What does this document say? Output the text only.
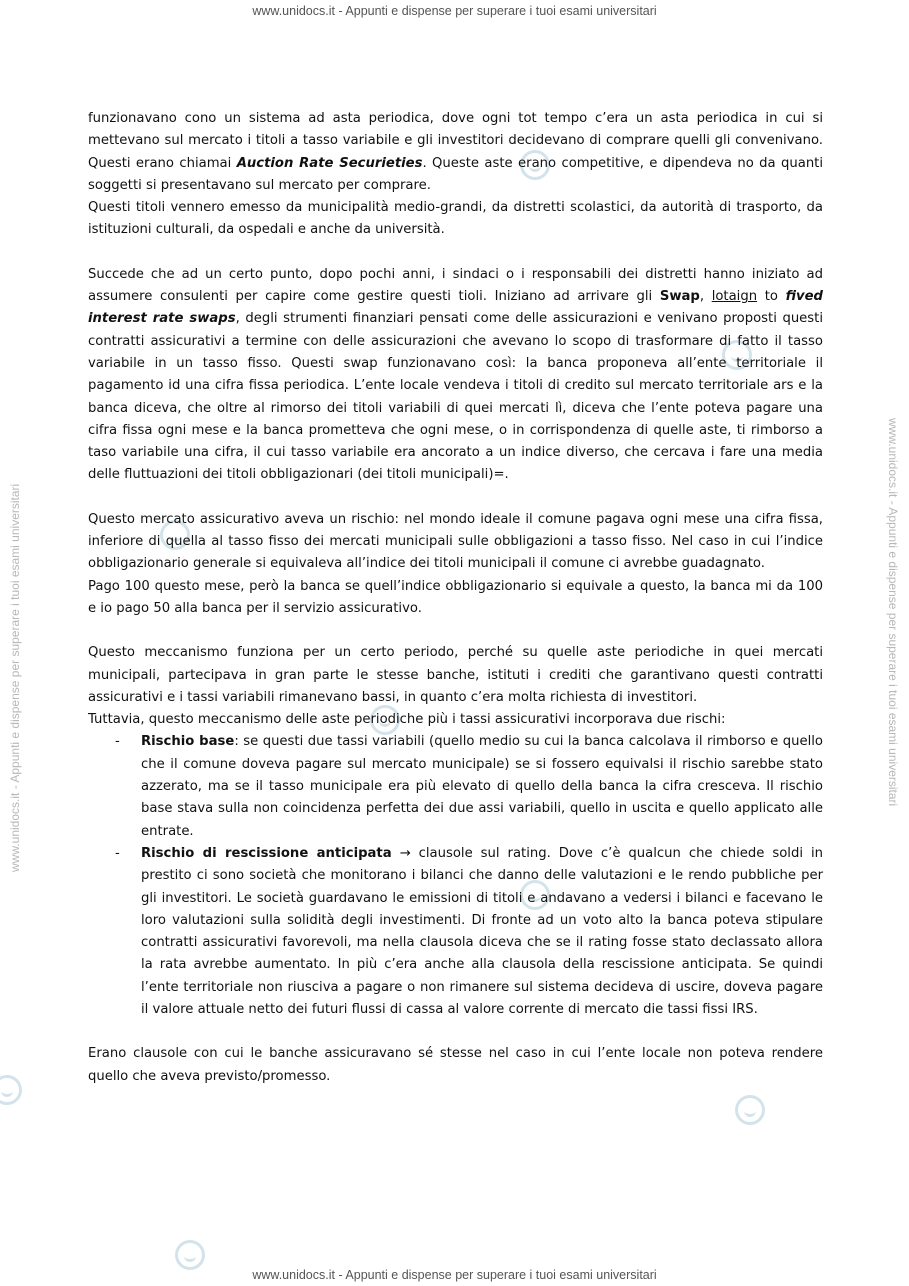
www.unidocs.it - Appunti e dispense per superare i tuoi esami universitari
www.unidocs.it - Appunti e dispense per superare i tuoi esami universitari	www.unidocs.it - Appunti e dispense per superare i tuoi esami universitari

funzionavano cono un sistema ad asta periodica, dove ogni tot tempo c’era un asta periodica in cui si mettevano sul mercato i titoli a tasso variabile e gli investitori decidevano di comprare quelli gli convenivano. Questi erano chiamai Auction Rate Securieties. Queste aste erano competitive, e dipendeva no da quanti soggetti si presentavano sul mercato per comprare.

Questi titoli vennero emesso da municipalità medio-grandi, da distretti scolastici, da autorità di trasporto, da istituzioni culturali, da ospedali e anche da università.

Succede che ad un certo punto, dopo pochi anni, i sindaci o i responsabili dei distretti hanno iniziato ad assumere consulenti per capire come gestire questi tioli. Iniziano ad arrivare gli Swap, lotaign to fived interest rate swaps, degli strumenti finanziari pensati come delle assicurazioni e venivano proposti questi contratti assicurativi a termine con delle assicurazioni che avevano lo scopo di trasformare di fatto il tasso variabile in un tasso fisso. Questi swap funzionavano così: la banca proponeva all’ente territoriale il pagamento id una cifra fissa periodica. L’ente locale vendeva i titoli di credito sul mercato territoriale ars e la banca diceva, che oltre al rimorso dei titoli variabili di quei mercati lì, diceva che l’ente poteva pagare una cifra fissa ogni mese e la banca prometteva che ogni mese, o in corrispondenza di quelle aste, ti rimborso a taso variabile una cifra, il cui tasso variabile era ancorato a un indice diverso, che cercava i fare una media delle fluttuazioni dei titoli obbligazionari (dei titoli municipali)=.

Questo mercato assicurativo aveva un rischio: nel mondo ideale il comune pagava ogni mese una cifra fissa, inferiore di quella al tasso fisso dei mercati municipali sulle obbligazioni a tasso fisso. Nel caso in cui l’indice obbligazionario generale si equivaleva all’indice dei titoli municipali il comune ci avrebbe guadagnato.

Pago 100 questo mese, però la banca se quell’indice obbligazionario si equivale a questo, la banca mi da 100 e io pago 50 alla banca per il servizio assicurativo.

Questo meccanismo funziona per un certo periodo, perché su quelle aste periodiche in quei mercati municipali, partecipava in gran parte le stesse banche, istituti i crediti che garantivano questi contratti assicurativi e i tassi variabili rimanevano bassi, in quanto c’era molta richiesta di investitori.

Tuttavia, questo meccanismo delle aste periodiche più i tassi assicurativi incorporava due rischi:

- Rischio base: se questi due tassi variabili (quello medio su cui la banca calcolava il rimborso e quello che il comune doveva pagare sul mercato municipale) se si fossero equivalsi il rischio sarebbe stato azzerato, ma se il tasso municipale era più elevato di quello della banca la cifra cresceva. Il rischio base stava sulla non coincidenza perfetta dei due assi variabili, quello in uscita e quello applicato alle entrate.
- Rischio di rescissione anticipata → clausole sul rating. Dove c’è qualcun che chiede soldi in prestito ci sono società che monitorano i bilanci che danno delle valutazioni e le rendo pubbliche per gli investitori. Le società guardavano le emissioni di titoli e andavano a vedersi i bilanci e facevano le loro valutazioni sulla solidità degli investimenti. Di fronte ad un voto alto la banca poteva stipulare contratti assicurativi favorevoli, ma nella clausola diceva che se il rating fosse stato declassato allora la rata avrebbe aumentato. In più c’era anche alla clausola della rescissione anticipata. Se quindi l’ente territoriale non riusciva a pagare o non rimanere sul sistema decideva di uscire, doveva pagare il valore attuale netto dei futuri flussi di cassa al valore corrente di mercato die tassi fissi IRS.

Erano clausole con cui le banche assicuravano sé stesse nel caso in cui l’ente locale non poteva rendere quello che aveva previsto/promesso.

www.unidocs.it - Appunti e dispense per superare i tuoi esami universitari
